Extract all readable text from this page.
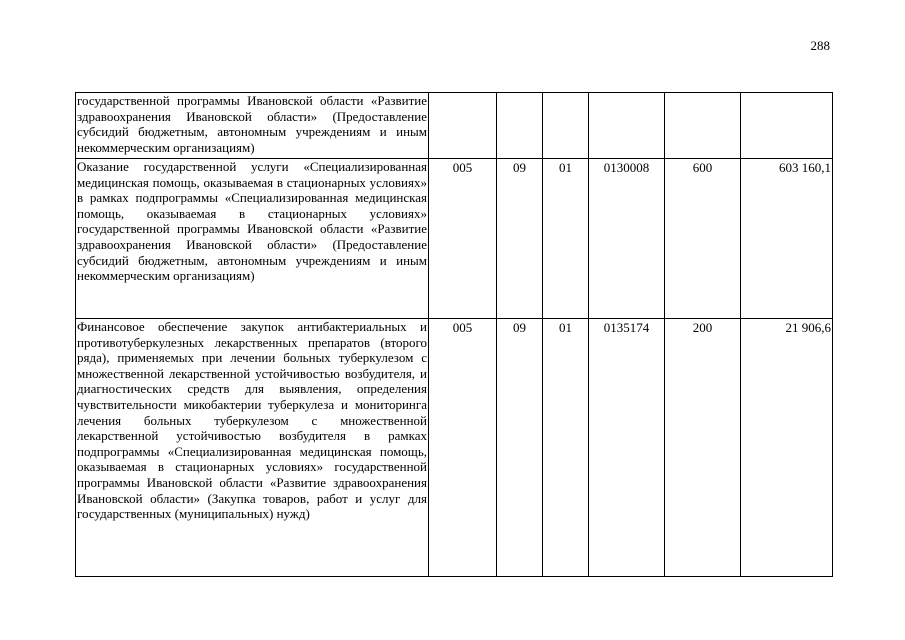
288
государственной программы Ивановской области «Развитие здравоохранения Ивановской области» (Предоставление субсидий бюджетным, автономным учреждениям и иным некоммерческим организациям)						
Оказание государственной услуги «Специализированная медицинская помощь, оказываемая в стационарных условиях» в рамках подпрограммы «Специализированная медицинская помощь, оказываемая в стационарных условиях» государственной программы Ивановской области «Развитие здравоохранения Ивановской области» (Предоставление субсидий бюджетным, автономным учреждениям и иным некоммерческим организациям)	005	09	01	0130008	600	603 160,1
Финансовое обеспечение закупок антибактериальных и противотуберкулезных лекарственных препаратов (второго ряда), применяемых при лечении больных туберкулезом с множественной лекарственной устойчивостью возбудителя, и диагностических средств для выявления, определения чувствительности микобактерии туберкулеза и мониторинга лечения больных туберкулезом с множественной лекарственной устойчивостью возбудителя в рамках подпрограммы «Специализированная медицинская помощь, оказываемая в стационарных условиях» государственной программы Ивановской области «Развитие здравоохранения Ивановской области» (Закупка товаров, работ и услуг для государственных (муниципальных) нужд)	005	09	01	0135174	200	21 906,6
